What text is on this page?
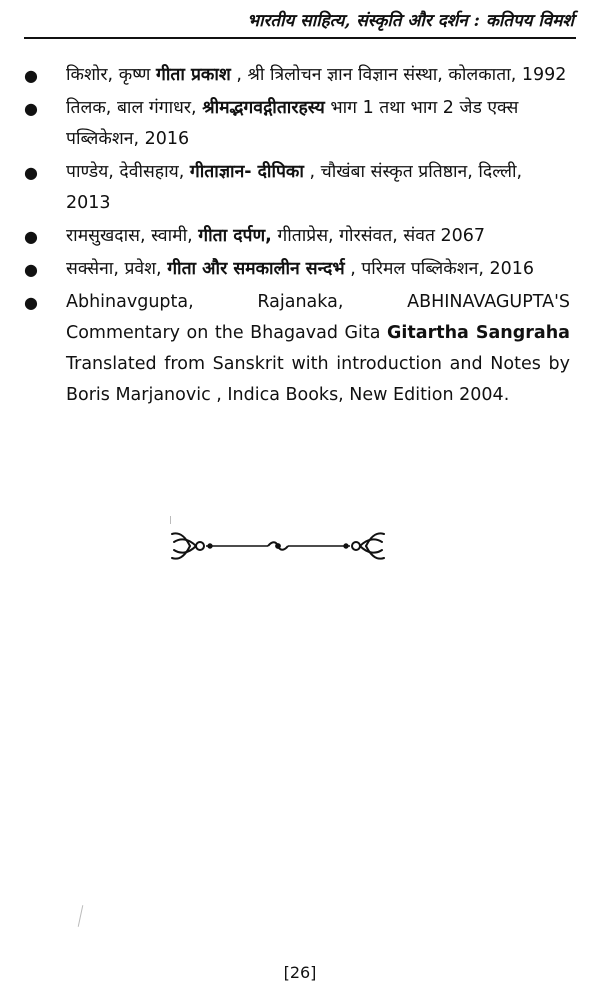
भारतीय साहित्य, संस्कृति और दर्शन : कतिपय विमर्श
● किशोर, कृष्ण गीता प्रकाश , श्री त्रिलोचन ज्ञान विज्ञान संस्था, कोलकाता, 1992
● तिलक, बाल गंगाधर, श्रीमद्भगवद्गीतारहस्य भाग 1 तथा भाग 2 जेड एक्स पब्लिकेशन, 2016
● पाण्डेय, देवीसहाय, गीताज्ञान- दीपिका , चौखंबा संस्कृत प्रतिष्ठान, दिल्ली, 2013
● रामसुखदास, स्वामी, गीता दर्पण, गीताप्रेस, गोरसंवत, संवत 2067
● सक्सेना, प्रवेश, गीता और समकालीन सन्दर्भ , परिमल पब्लिकेशन, 2016
● Abhinavgupta, Rajanaka, ABHINAVAGUPTA'S Commentary on the Bhagavad Gita Gitartha Sangraha Translated from Sanskrit with introduction and Notes by Boris Marjanovic , Indica Books, New Edition 2004.
[26]
